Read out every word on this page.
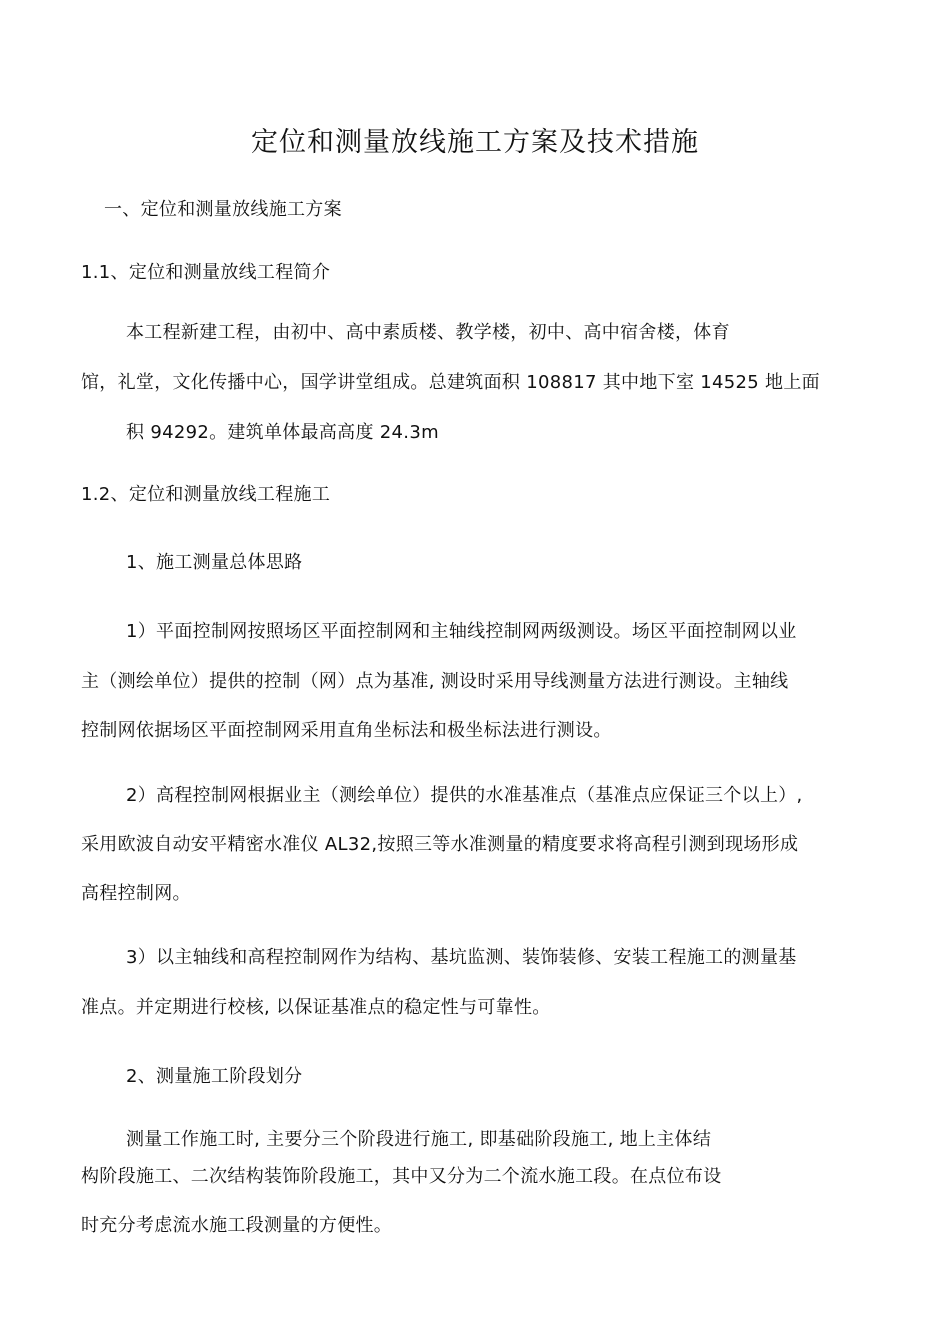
定位和测量放线施工方案及技术措施
一、定位和测量放线施工方案
1.1、定位和测量放线工程简介
本工程新建工程，由初中、高中素质楼、教学楼，初中、高中宿舍楼，体育
馆，礼堂，文化传播中心，国学讲堂组成。总建筑面积 108817 其中地下室 14525 地上面
积 94292。建筑单体最高高度 24.3m
1.2、定位和测量放线工程施工
1、施工测量总体思路
1）平面控制网按照场区平面控制网和主轴线控制网两级测设。场区平面控制网以业
主（测绘单位）提供的控制（网）点为基准, 测设时采用导线测量方法进行测设。主轴线
控制网依据场区平面控制网采用直角坐标法和极坐标法进行测设。
2）高程控制网根据业主（测绘单位）提供的水准基准点（基准点应保证三个以上）,
采用欧波自动安平精密水准仪 AL32,按照三等水准测量的精度要求将高程引测到现场形成
高程控制网。
3）以主轴线和高程控制网作为结构、基坑监测、装饰装修、安装工程施工的测量基
准点。并定期进行校核, 以保证基准点的稳定性与可靠性。
2、测量施工阶段划分
测量工作施工时, 主要分三个阶段进行施工, 即基础阶段施工, 地上主体结
构阶段施工、二次结构装饰阶段施工，其中又分为二个流水施工段。在点位布设
时充分考虑流水施工段测量的方便性。
